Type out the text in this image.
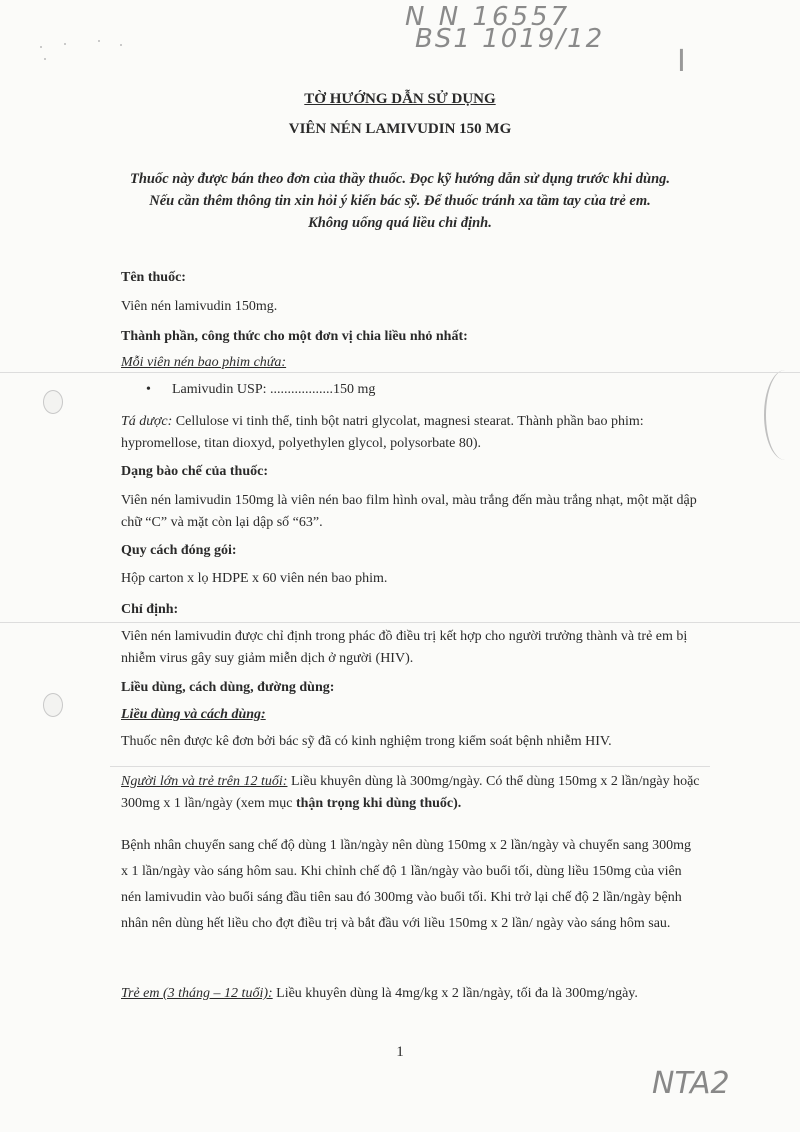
N N 16557
BS1 1019/12
I
TỜ HƯỚNG DẪN SỬ DỤNG
VIÊN NÉN LAMIVUDIN 150 MG
Thuốc này được bán theo đơn của thầy thuốc. Đọc kỹ hướng dẫn sử dụng trước khi dùng.
Nếu cần thêm thông tin xin hỏi ý kiến bác sỹ. Để thuốc tránh xa tầm tay của trẻ em.
Không uống quá liều chỉ định.
Tên thuốc:
Viên nén lamivudin 150mg.
Thành phần, công thức cho một đơn vị chia liều nhỏ nhất:
Mỗi viên nén bao phim chứa:
• Lamivudin USP: ..................150 mg
Tá dược: Cellulose vi tinh thể, tinh bột natri glycolat, magnesi stearat. Thành phần bao phim: hypromellose, titan dioxyd, polyethylen glycol, polysorbate 80).
Dạng bào chế của thuốc:
Viên nén lamivudin 150mg là viên nén bao film hình oval, màu trắng đến màu trắng nhạt, một mặt dập chữ “C” và mặt còn lại dập số “63”.
Quy cách đóng gói:
Hộp carton x lọ HDPE x 60 viên nén bao phim.
Chỉ định:
Viên nén lamivudin được chỉ định trong phác đồ điều trị kết hợp cho người trưởng thành và trẻ em bị nhiễm virus gây suy giảm miễn dịch ở người (HIV).
Liều dùng, cách dùng, đường dùng:
Liều dùng và cách dùng:
Thuốc nên được kê đơn bởi bác sỹ đã có kinh nghiệm trong kiểm soát bệnh nhiễm HIV.
Người lớn và trẻ trên 12 tuổi: Liều khuyên dùng là 300mg/ngày. Có thể dùng 150mg x 2 lần/ngày hoặc 300mg x 1 lần/ngày (xem mục thận trọng khi dùng thuốc).
Bệnh nhân chuyển sang chế độ dùng 1 lần/ngày nên dùng 150mg x 2 lần/ngày và chuyển sang 300mg x 1 lần/ngày vào sáng hôm sau. Khi chỉnh chế độ 1 lần/ngày vào buổi tối, dùng liều 150mg của viên nén lamivudin vào buổi sáng đầu tiên sau đó 300mg vào buổi tối. Khi trở lại chế độ 2 lần/ngày bệnh nhân nên dùng hết liều cho đợt điều trị và bắt đầu với liều 150mg x 2 lần/ ngày vào sáng hôm sau.
Trẻ em (3 tháng – 12 tuổi): Liều khuyên dùng là 4mg/kg x 2 lần/ngày, tối đa là 300mg/ngày.
1
NTA2
